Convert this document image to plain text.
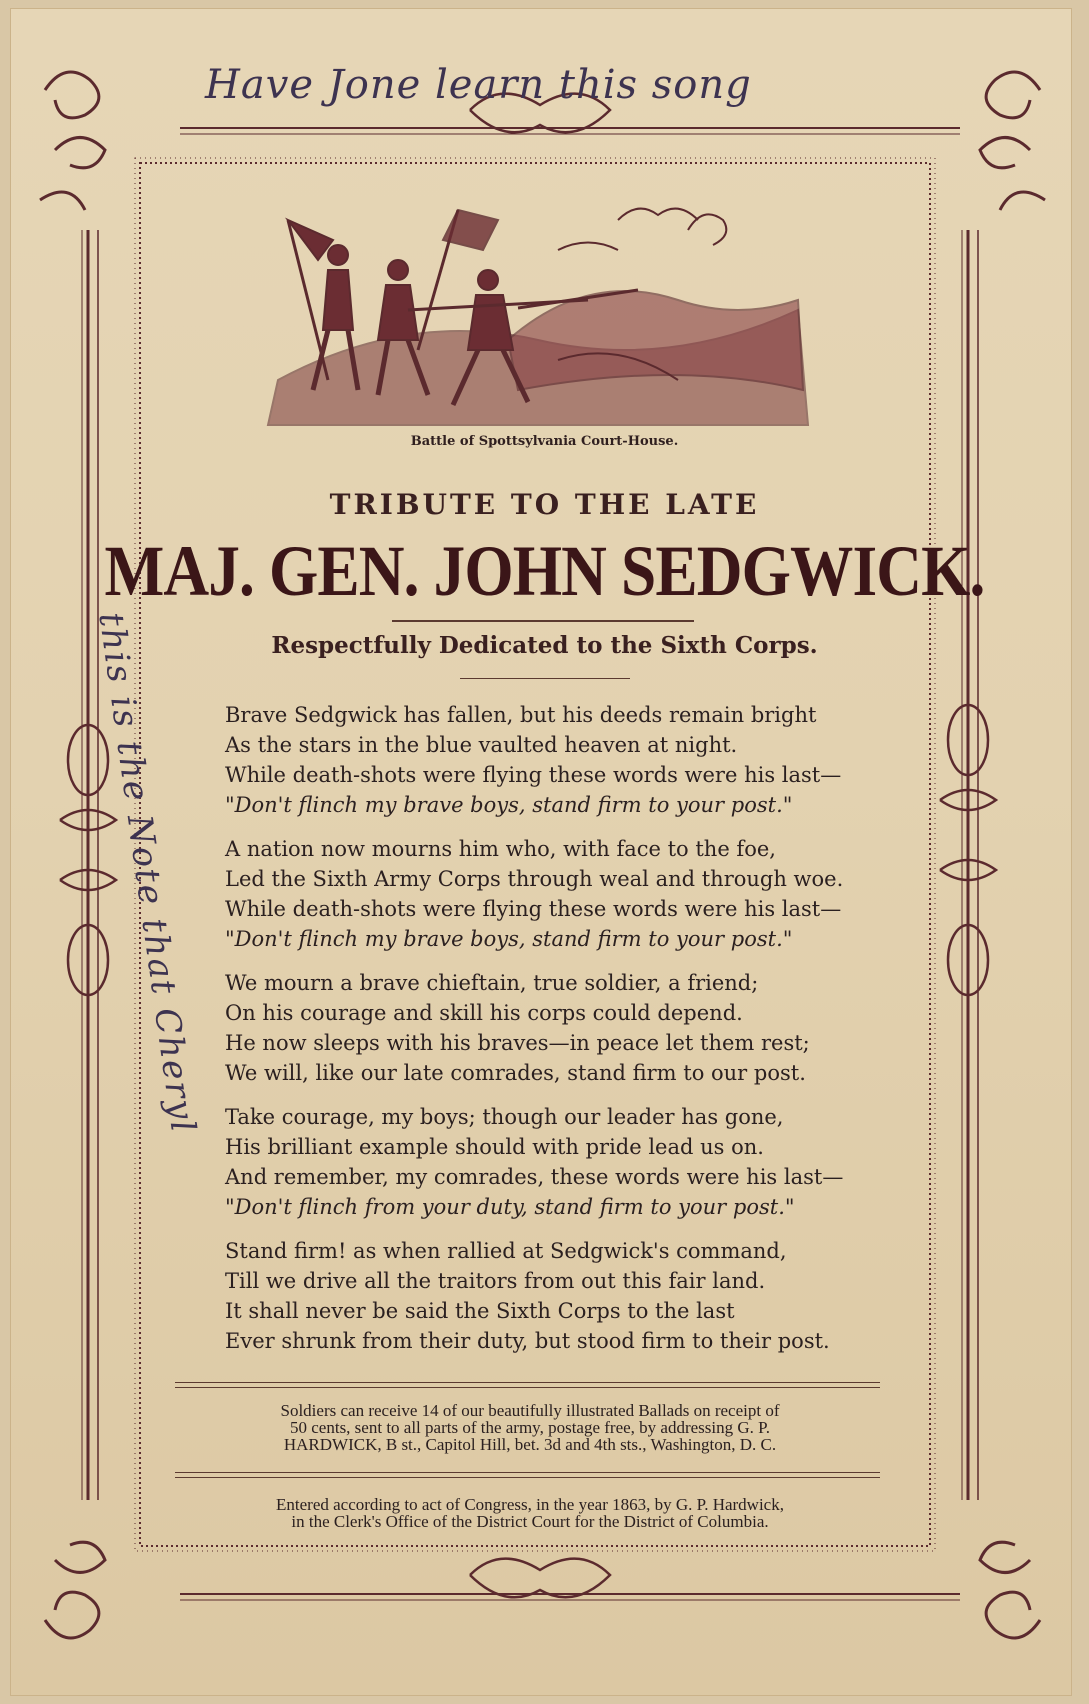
Have Jone learn this song
this is the Note that Cheryl
Battle of Spottsylvania Court-House.
TRIBUTE TO THE LATE
MAJ. GEN. JOHN SEDGWICK.
Respectfully Dedicated to the Sixth Corps.
Brave Sedgwick has fallen, but his deeds remain bright
As the stars in the blue vaulted heaven at night.
While death-shots were flying these words were his last—
"Don't flinch my brave boys, stand firm to your post."
A nation now mourns him who, with face to the foe,
Led the Sixth Army Corps through weal and through woe.
While death-shots were flying these words were his last—
"Don't flinch my brave boys, stand firm to your post."
We mourn a brave chieftain, true soldier, a friend;
On his courage and skill his corps could depend.
He now sleeps with his braves—in peace let them rest;
We will, like our late comrades, stand firm to our post.
Take courage, my boys; though our leader has gone,
His brilliant example should with pride lead us on.
And remember, my comrades, these words were his last—
"Don't flinch from your duty, stand firm to your post."
Stand firm! as when rallied at Sedgwick's command,
Till we drive all the traitors from out this fair land.
It shall never be said the Sixth Corps to the last
Ever shrunk from their duty, but stood firm to their post.
Soldiers can receive 14 of our beautifully illustrated Ballads on receipt of
50 cents, sent to all parts of the army, postage free, by addressing G. P.
HARDWICK, B st., Capitol Hill, bet. 3d and 4th sts., Washington, D. C.
Entered according to act of Congress, in the year 1863, by G. P. Hardwick,
in the Clerk's Office of the District Court for the District of Columbia.
